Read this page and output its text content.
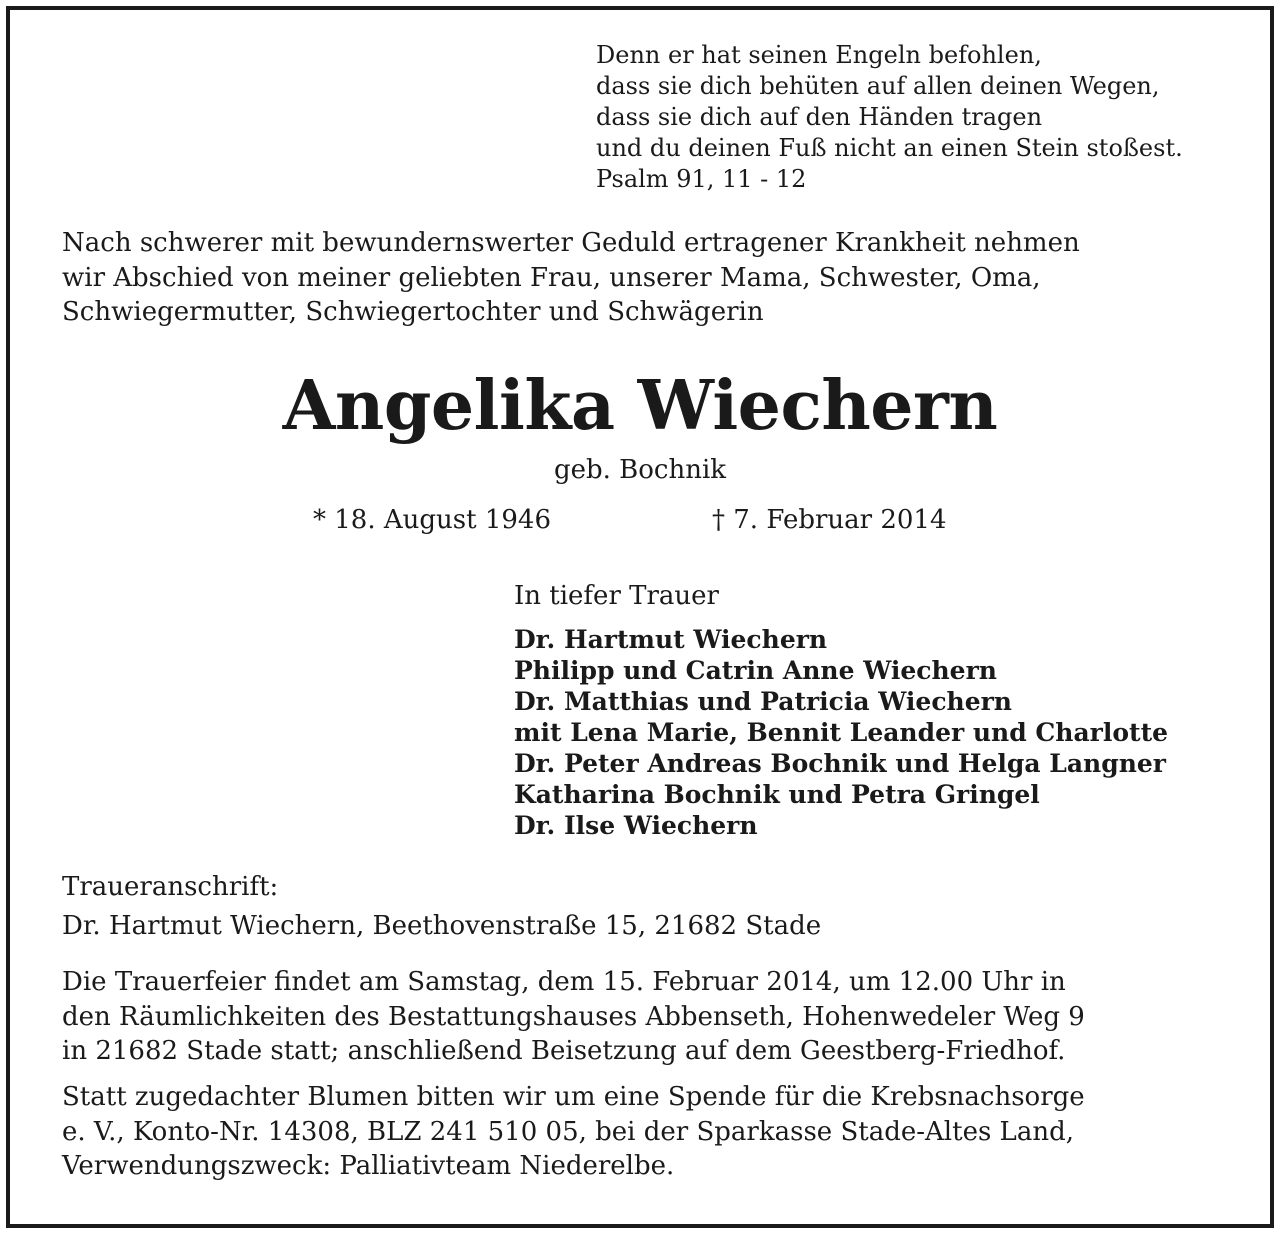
Denn er hat seinen Engeln befohlen,
dass sie dich behüten auf allen deinen Wegen,
dass sie dich auf den Händen tragen
und du deinen Fuß nicht an einen Stein stoßest.
Psalm 91, 11 - 12
Nach schwerer mit bewundernswerter Geduld ertragener Krankheit nehmen
wir Abschied von meiner geliebten Frau, unserer Mama, Schwester, Oma,
Schwiegermutter, Schwiegertochter und Schwägerin
Angelika Wiechern
geb. Bochnik
* 18. August 1946	† 7. Februar 2014
In tiefer Trauer
Dr. Hartmut Wiechern
Philipp und Catrin Anne Wiechern
Dr. Matthias und Patricia Wiechern
mit Lena Marie, Bennit Leander und Charlotte
Dr. Peter Andreas Bochnik und Helga Langner
Katharina Bochnik und Petra Gringel
Dr. Ilse Wiechern
Traueranschrift:
Dr. Hartmut Wiechern, Beethovenstraße 15, 21682 Stade
Die Trauerfeier findet am Samstag, dem 15. Februar 2014, um 12.00 Uhr in
den Räumlichkeiten des Bestattungshauses Abbenseth, Hohenwedeler Weg 9
in 21682 Stade statt; anschließend Beisetzung auf dem Geestberg-Friedhof.
Statt zugedachter Blumen bitten wir um eine Spende für die Krebsnachsorge
e. V., Konto-Nr. 14308, BLZ 241 510 05, bei der Sparkasse Stade-Altes Land,
Verwendungszweck: Palliativteam Niederelbe.
